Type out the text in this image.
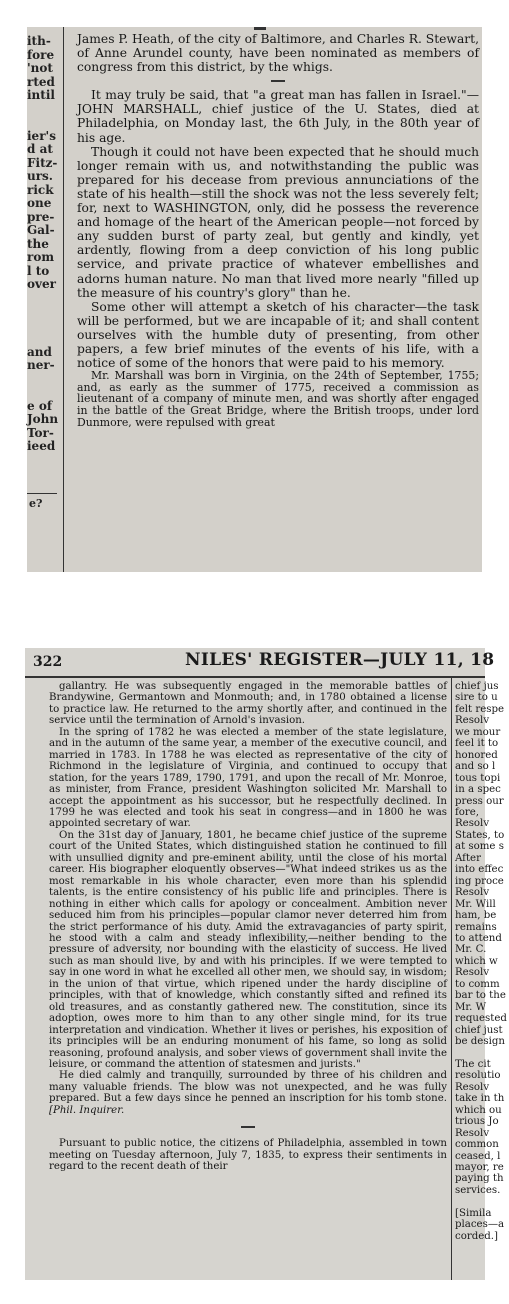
ith-
fore
'not
rted
intil

ier's
d at
Fitz-
urs.
rick
one
pre-
Gal-
the
rom
l to
over

and
ner-

e of
John
Tor-
ieed

e?

James P. Heath, of the city of Baltimore, and Charles R. Stewart, of Anne Arundel county, have been nominated as members of congress from this district, by the whigs.

It may truly be said, that "a great man has fallen in Israel."—JOHN MARSHALL, chief justice of the U. States, died at Philadelphia, on Monday last, the 6th July, in the 80th year of his age.

Though it could not have been expected that he should much longer remain with us, and notwithstanding the public was prepared for his decease from previous annunciations of the state of his health—still the shock was not the less severely felt; for, next to WASHINGTON, only, did he possess the reverence and homage of the heart of the American people—not forced by any sudden burst of party zeal, but gently and kindly, yet ardently, flowing from a deep conviction of his long public service, and private practice of whatever embellishes and adorns human nature. No man that lived more nearly "filled up the measure of his country's glory" than he.

Some other will attempt a sketch of his character—the task will be performed, but we are incapable of it; and shall content ourselves with the humble duty of presenting, from other papers, a few brief minutes of the events of his life, with a notice of some of the honors that were paid to his memory.

Mr. Marshall was born in Virginia, on the 24th of September, 1755; and, as early as the summer of 1775, received a commission as lieutenant of a company of minute men, and was shortly after engaged in the battle of the Great Bridge, where the British troops, under lord Dunmore, were repulsed with great

322	NILES' REGISTER—JULY 11, 18

gallantry. He was subsequently engaged in the memorable battles of Brandywine, Germantown and Monmouth; and, in 1780 obtained a license to practice law. He returned to the army shortly after, and continued in the service until the termination of Arnold's invasion.

In the spring of 1782 he was elected a member of the state legislature, and in the autumn of the same year, a member of the executive council, and married in 1783. In 1788 he was elected as representative of the city of Richmond in the legislature of Virginia, and continued to occupy that station, for the years 1789, 1790, 1791, and upon the recall of Mr. Monroe, as minister, from France, president Washington solicited Mr. Marshall to accept the appointment as his successor, but he respectfully declined. In 1799 he was elected and took his seat in congress—and in 1800 he was appointed secretary of war.

On the 31st day of January, 1801, he became chief justice of the supreme court of the United States, which distinguished station he continued to fill with unsullied dignity and pre-eminent ability, until the close of his mortal career. His biographer eloquently observes—"What indeed strikes us as the most remarkable in his whole character, even more than his splendid talents, is the entire consistency of his public life and principles. There is nothing in either which calls for apology or concealment. Ambition never seduced him from his principles—popular clamor never deterred him from the strict performance of his duty. Amid the extravagancies of party spirit, he stood with a calm and steady inflexibility,—neither bending to the pressure of adversity, nor bounding with the elasticity of success. He lived such as man should live, by and with his principles. If we were tempted to say in one word in what he excelled all other men, we should say, in wisdom; in the union of that virtue, which ripened under the hardy discipline of principles, with that of knowledge, which constantly sifted and refined its old treasures, and as constantly gathered new. The constitution, since its adoption, owes more to him than to any other single mind, for its true interpretation and vindication. Whether it lives or perishes, his exposition of its principles will be an enduring monument of his fame, so long as solid reasoning, profound analysis, and sober views of government shall invite the leisure, or command the attention of statesmen and jurists."

He died calmly and tranquilly, surrounded by three of his children and many valuable friends. The blow was not unexpected, and he was fully prepared. But a few days since he penned an inscription for his tomb stone. [Phil. Inquirer.

Pursuant to public notice, the citizens of Philadelphia, assembled in town meeting on Tuesday afternoon, July 7, 1835, to express their sentiments in regard to the recent death of their

chief jus
sire to u
felt respe
Resolv
we mour
feel it to
honored
and so l
tous topi
in a spec
press our
fore,
Resolv
States, to
at some s
After
into effec
ing proce
Resolv
Mr. Will
ham, be
remains
to attend
Mr. C.
which w
Resolv
to comm
bar to the
Mr. W
requested
chief just
be design

The cit
resolutio
Resolv
take in th
which ou
trious Jo
Resolv
common
ceased, l
mayor, re
paying th
services.

[Simila
places—a
corded.]
